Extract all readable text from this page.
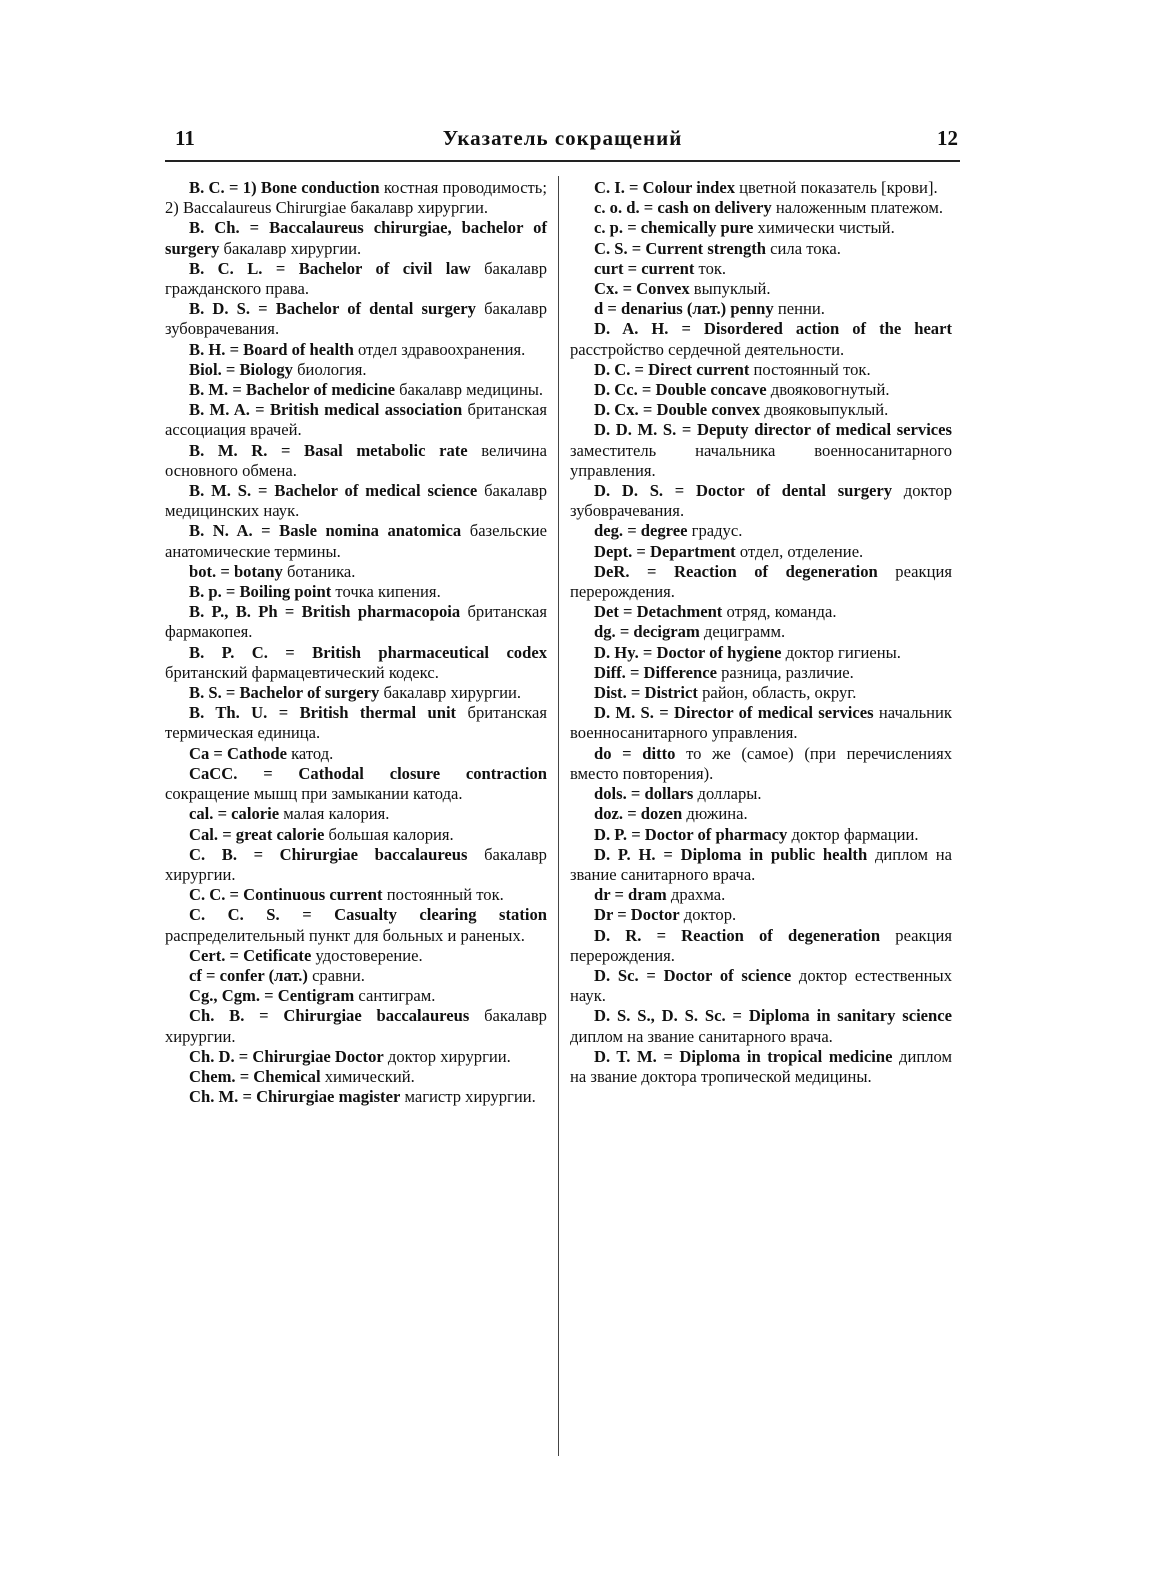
11	Указатель сокращений	12

B. C. = 1) Bone conduction костная проводимость; 2) Baccalaureus Chirurgiae бакалавр хирургии.

B. Ch. = Baccalaureus chirurgiae, bachelor of surgery бакалавр хирургии.

B. C. L. = Bachelor of civil law бакалавр гражданского права.

B. D. S. = Bachelor of dental surgery бакалавр зубоврачевания.

B. H. = Board of health отдел здравоохранения.

Biol. = Biology биология.

B. M. = Bachelor of medicine бакалавр медицины.

B. M. A. = British medical association британская ассоциация врачей.

B. M. R. = Basal metabolic rate величина основного обмена.

B. M. S. = Bachelor of medical science бакалавр медицинских наук.

B. N. A. = Basle nomina anatomica базельские анатомические термины.

bot. = botany ботаника.

B. p. = Boiling point точка кипения.

B. P., B. Ph = British pharmacopoia британская фармакопея.

B. P. C. = British pharmaceutical codex британский фармацевтический кодекс.

B. S. = Bachelor of surgery бакалавр хирургии.

B. Th. U. = British thermal unit британская термическая единица.

Ca = Cathode катод.

CaCC. = Cathodal closure contraction сокращение мышц при замыкании катода.

cal. = calorie малая калория.

Cal. = great calorie большая калория.

C. B. = Chirurgiae baccalaureus бакалавр хирургии.

C. C. = Continuous current постоянный ток.

C. C. S. = Casualty clearing station распределительный пункт для больных и раненых.

Cert. = Cetificate удостоверение.

cf = confer (лат.) сравни.

Cg., Cgm. = Centigram сантиграм.

Ch. B. = Chirurgiae baccalaureus бакалавр хирургии.

Ch. D. = Chirurgiae Doctor доктор хирургии.

Chem. = Chemical химический.

Ch. M. = Chirurgiae magister магистр хирургии.

C. I. = Colour index цветной показатель [крови].

c. o. d. = cash on delivery наложенным платежом.

c. p. = chemically pure химически чистый.

C. S. = Current strength сила тока.

curt = current ток.

Cx. = Convex выпуклый.

d = denarius (лат.) penny пенни.

D. A. H. = Disordered action of the heart расстройство сердечной деятельности.

D. C. = Direct current постоянный ток.

D. Cc. = Double concave двояковогнутый.

D. Cx. = Double convex двояковыпуклый.

D. D. M. S. = Deputy director of medical services заместитель начальника военносанитарного управления.

D. D. S. = Doctor of dental surgery доктор зубоврачевания.

deg. = degree градус.

Dept. = Department отдел, отделение.

DeR. = Reaction of degeneration реакция перерождения.

Det = Detachment отряд, команда.

dg. = decigram дециграмм.

D. Hy. = Doctor of hygiene доктор гигиены.

Diff. = Difference разница, различие.

Dist. = District район, область, округ.

D. M. S. = Director of medical services начальник военносанитарного управления.

do = ditto то же (самое) (при перечислениях вместо повторения).

dols. = dollars доллары.

doz. = dozen дюжина.

D. P. = Doctor of pharmacy доктор фармации.

D. P. H. = Diploma in public health диплом на звание санитарного врача.

dr = dram драхма.

Dr = Doctor доктор.

D. R. = Reaction of degeneration реакция перерождения.

D. Sc. = Doctor of science доктор естественных наук.

D. S. S., D. S. Sc. = Diploma in sanitary science диплом на звание санитарного врача.

D. T. M. = Diploma in tropical medicine диплом на звание доктора тропической медицины.
